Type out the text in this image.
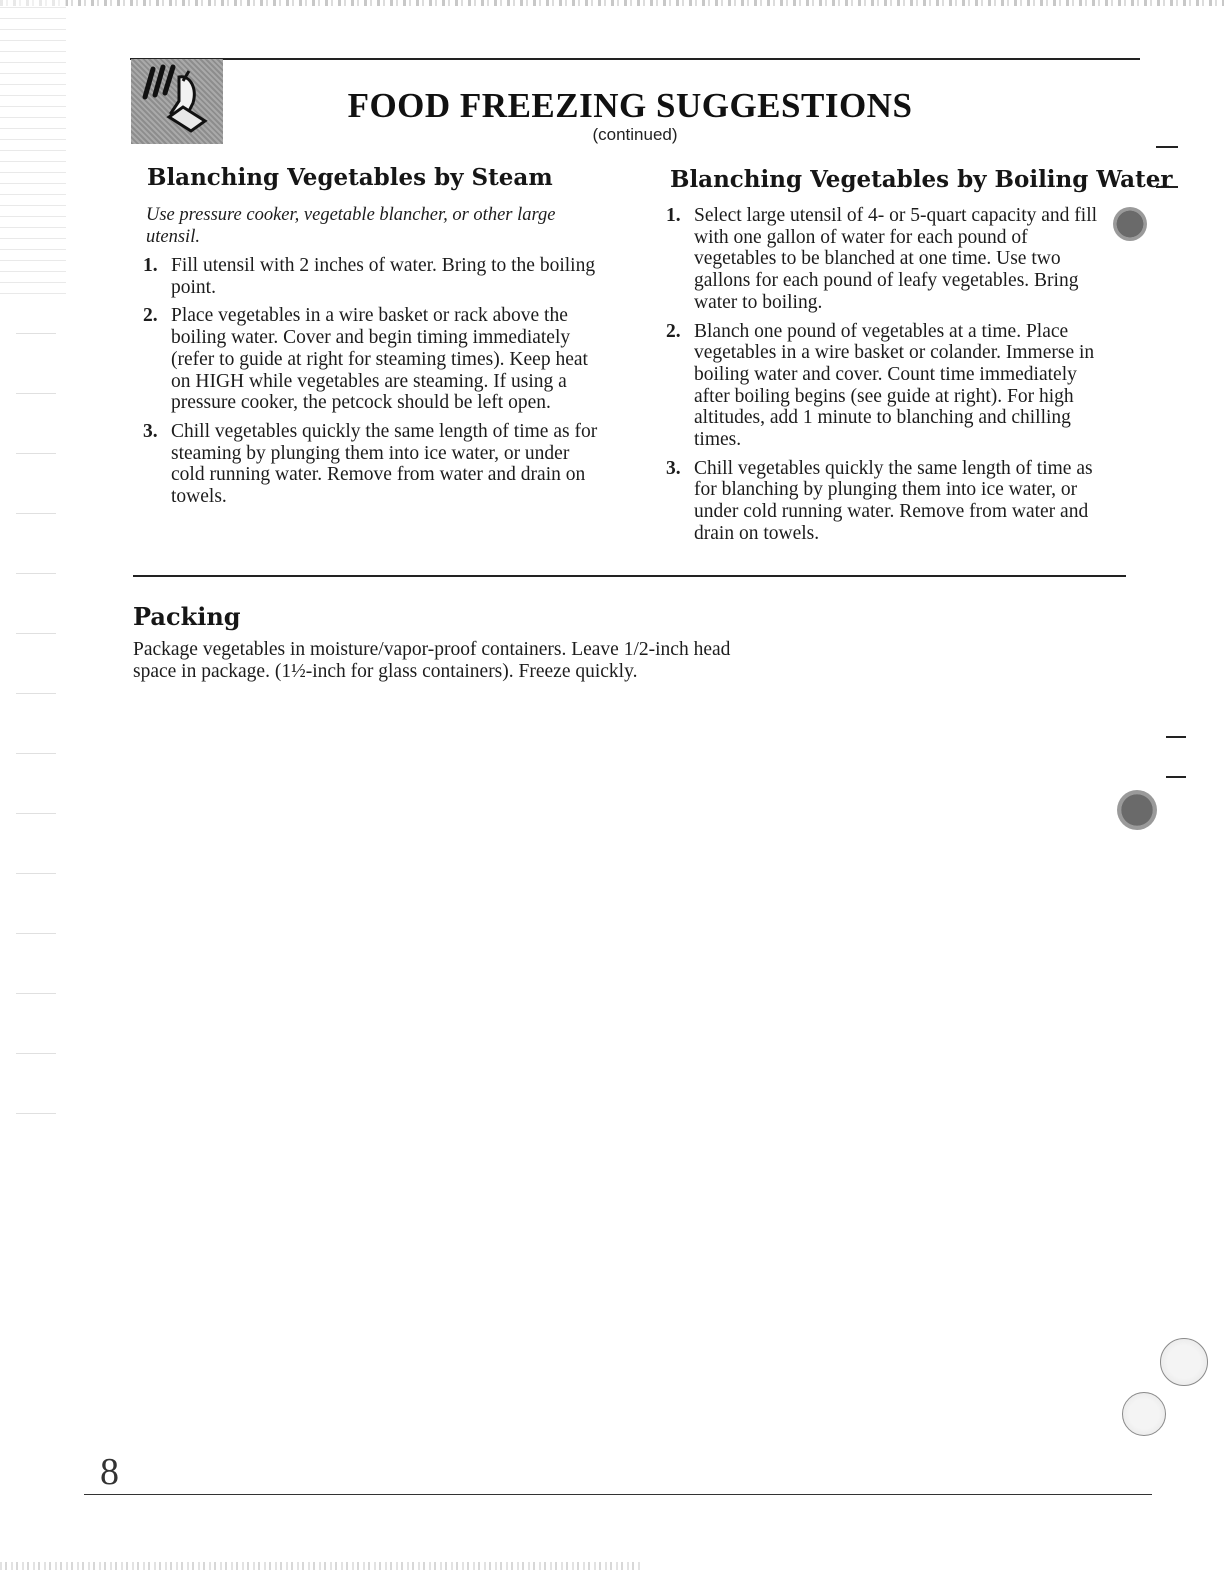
FOOD FREEZING SUGGESTIONS
(continued)
Blanching Vegetables by Steam
Use pressure cooker, vegetable blancher, or other large utensil.
1. Fill utensil with 2 inches of water. Bring to the boiling point.
2. Place vegetables in a wire basket or rack above the boiling water. Cover and begin timing immediately (refer to guide at right for steaming times). Keep heat on HIGH while vegetables are steaming. If using a pressure cooker, the petcock should be left open.
3. Chill vegetables quickly the same length of time as for steaming by plunging them into ice water, or under cold running water. Remove from water and drain on towels.
Blanching Vegetables by Boiling Water
1. Select large utensil of 4- or 5-quart capacity and fill with one gallon of water for each pound of vegetables to be blanched at one time. Use two gallons for each pound of leafy vegetables. Bring water to boiling.
2. Blanch one pound of vegetables at a time. Place vegetables in a wire basket or colander. Immerse in boiling water and cover. Count time immediately after boiling begins (see guide at right). For high altitudes, add 1 minute to blanching and chilling times.
3. Chill vegetables quickly the same length of time as for blanching by plunging them into ice water, or under cold running water. Remove from water and drain on towels.
Packing
Package vegetables in moisture/vapor-proof containers. Leave 1/2-inch head space in package. (1½-inch for glass containers). Freeze quickly.
8
